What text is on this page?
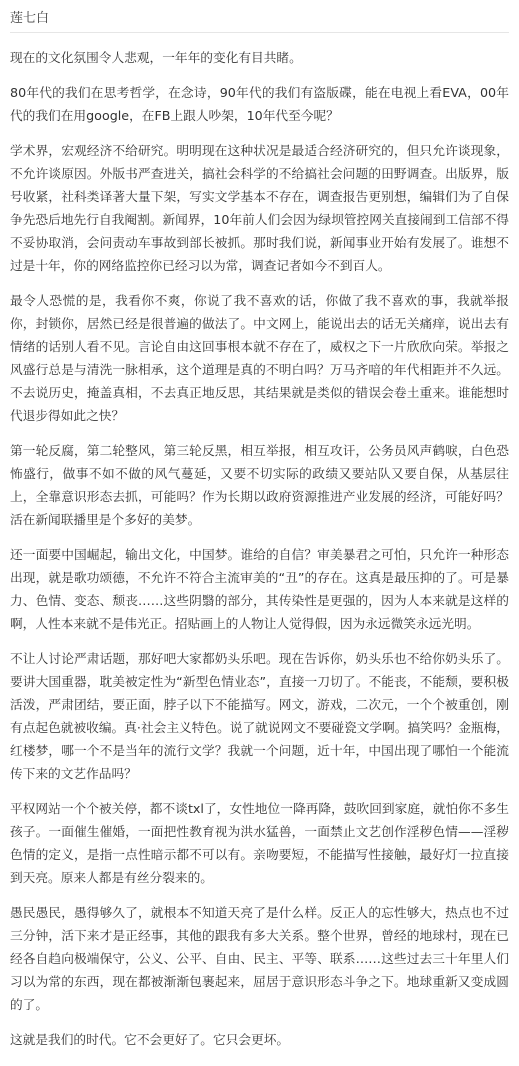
莲七白

现在的文化氛围令人悲观，一年年的变化有目共睹。

80年代的我们在思考哲学，在念诗，90年代的我们有盗版碟，能在电视上看EVA，00年代的我们在用google，在FB上跟人吵架，10年代至今呢？

学术界，宏观经济不给研究。明明现在这种状况是最适合经济研究的，但只允许谈现象，不允许谈原因。外版书严查进关，搞社会科学的不给搞社会问题的田野调查。出版界，版号收紧，社科类译著大量下架，写实文学基本不存在，调查报告更别想，编辑们为了自保争先恐后地先行自我阉割。新闻界，10年前人们会因为绿坝管控网关直接闹到工信部不得不妥协取消，会问责动车事故到部长被抓。那时我们说，新闻事业开始有发展了。谁想不过是十年，你的网络监控你已经习以为常，调查记者如今不到百人。

最令人恐慌的是，我看你不爽，你说了我不喜欢的话，你做了我不喜欢的事，我就举报你，封锁你，居然已经是很普遍的做法了。中文网上，能说出去的话无关痛痒，说出去有情绪的话别人看不见。言论自由这回事根本就不存在了，威权之下一片欣欣向荣。举报之风盛行总是与清洗一脉相承，这个道理是真的不明白吗？万马齐喑的年代相距并不久远。不去说历史，掩盖真相，不去真正地反思，其结果就是类似的错误会卷土重来。谁能想时代退步得如此之快？

第一轮反腐，第二轮整风，第三轮反黑，相互举报，相互攻讦，公务员风声鹤唳，白色恐怖盛行，做事不如不做的风气蔓延，又要不切实际的政绩又要站队又要自保，从基层往上，全靠意识形态去抓，可能吗？作为长期以政府资源推进产业发展的经济，可能好吗？活在新闻联播里是个多好的美梦。

还一面要中国崛起，输出文化，中国梦。谁给的自信？审美暴君之可怕，只允许一种形态出现，就是歌功颂德，不允许不符合主流审美的“丑”的存在。这真是最压抑的了。可是暴力、色情、变态、颓丧……这些阴翳的部分，其传染性是更强的，因为人本来就是这样的啊，人性本来就不是伟光正。招贴画上的人物让人觉得假，因为永远微笑永远光明。

不让人讨论严肃话题，那好吧大家都奶头乐吧。现在告诉你，奶头乐也不给你奶头乐了。要讲大国重器，耽美被定性为“新型色情业态”，直接一刀切了。不能丧，不能颓，要积极活泼，严肃团结，要正面，脖子以下不能描写。网文，游戏，二次元，一个个被重创，刚有点起色就被收编。真·社会主义特色。说了就说网文不要碰瓷文学啊。搞笑吗？金瓶梅，红楼梦，哪一个不是当年的流行文学？我就一个问题，近十年，中国出现了哪怕一个能流传下来的文艺作品吗？

平权网站一个个被关停，都不谈txl了，女性地位一降再降，鼓吹回到家庭，就怕你不多生孩子。一面催生催婚，一面把性教育视为洪水猛兽，一面禁止文艺创作淫秽色情——淫秽色情的定义，是指一点性暗示都不可以有。亲吻要短，不能描写性接触，最好灯一拉直接到天亮。原来人都是有丝分裂来的。

愚民愚民，愚得够久了，就根本不知道天亮了是什么样。反正人的忘性够大，热点也不过三分钟，活下来才是正经事，其他的跟我有多大关系。整个世界，曾经的地球村，现在已经各自趋向极端保守，公义、公平、自由、民主、平等、联系……这些过去三十年里人们习以为常的东西，现在都被渐渐包裹起来，屈居于意识形态斗争之下。地球重新又变成圆的了。

这就是我们的时代。它不会更好了。它只会更坏。
